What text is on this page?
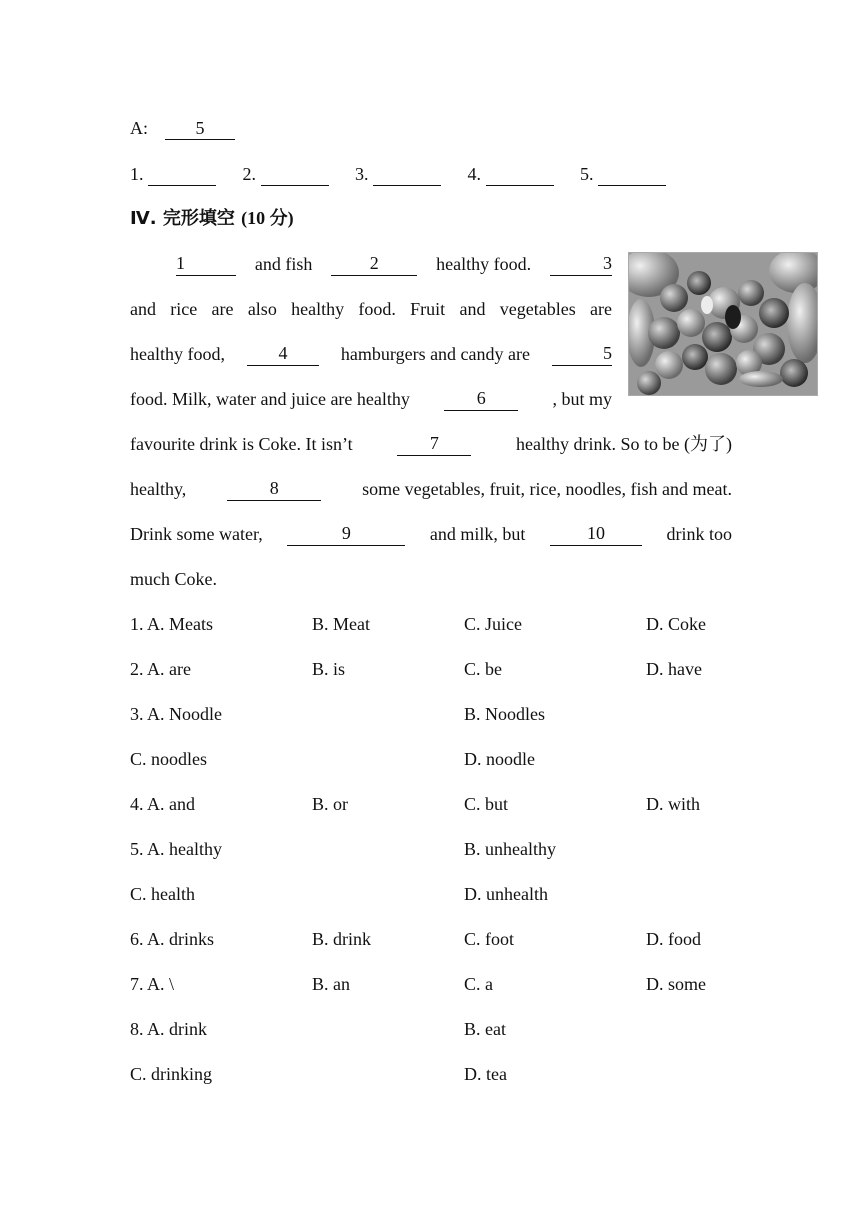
A:	5
1.	2.	3.	4.	5.
Ⅳ. 完形填空 (10 分)
1	and fish	2	healthy food.	3
and rice are also healthy food. Fruit and vegetables are
healthy food,	4	hamburgers and candy are	5
food. Milk, water and juice are healthy	6	, but my
favourite drink is Coke. It isn’t	7	healthy drink. So to be (为了)
healthy,	8	some vegetables, fruit, rice, noodles, fish and meat.
Drink some water,	9	and milk, but	10	drink too
much Coke.
1. A. Meats	B. Meat	C. Juice	D. Coke
2. A. are	B. is	C. be	D. have
3. A. Noodle	B. Noodles
C. noodles	D. noodle
4. A. and	B. or	C. but	D. with
5. A. healthy	B. unhealthy
C. health	D. unhealth
6. A. drinks	B. drink	C. foot	D. food
7. A. \	B. an	C. a	D. some
8. A. drink	B. eat
C. drinking	D. tea
